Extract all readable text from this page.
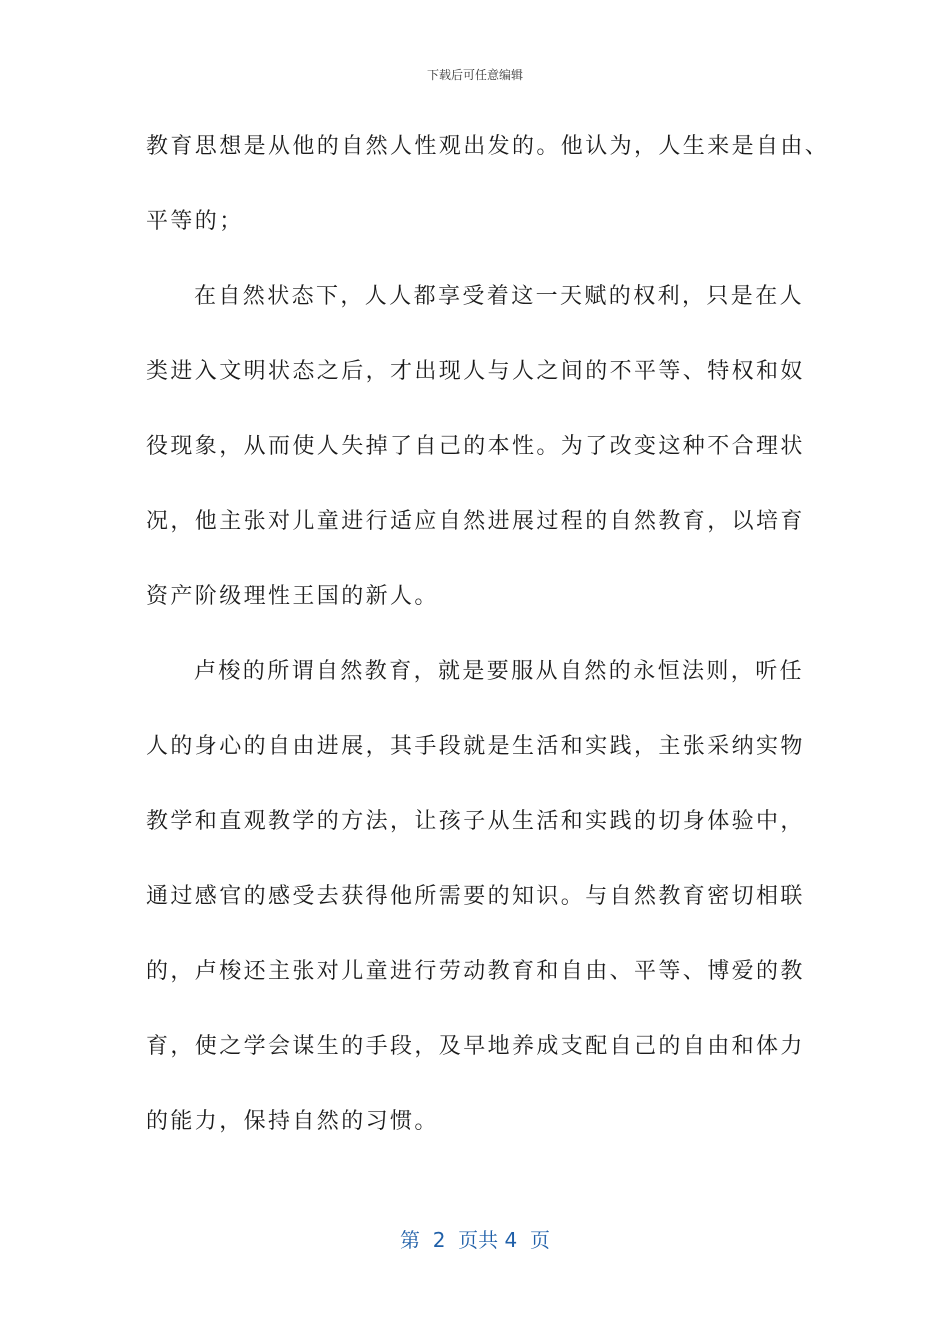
下载后可任意编辑
教育思想是从他的自然人性观出发的。他认为，人生来是自由、
平等的；
在自然状态下，人人都享受着这一天赋的权利，只是在人
类进入文明状态之后，才出现人与人之间的不平等、特权和奴
役现象，从而使人失掉了自己的本性。为了改变这种不合理状
况，他主张对儿童进行适应自然进展过程的自然教育，以培育
资产阶级理性王国的新人。
卢梭的所谓自然教育，就是要服从自然的永恒法则，听任
人的身心的自由进展，其手段就是生活和实践，主张采纳实物
教学和直观教学的方法，让孩子从生活和实践的切身体验中，
通过感官的感受去获得他所需要的知识。与自然教育密切相联
的，卢梭还主张对儿童进行劳动教育和自由、平等、博爱的教
育，使之学会谋生的手段，及早地养成支配自己的自由和体力
的能力，保持自然的习惯。
第  2  页共 4  页
